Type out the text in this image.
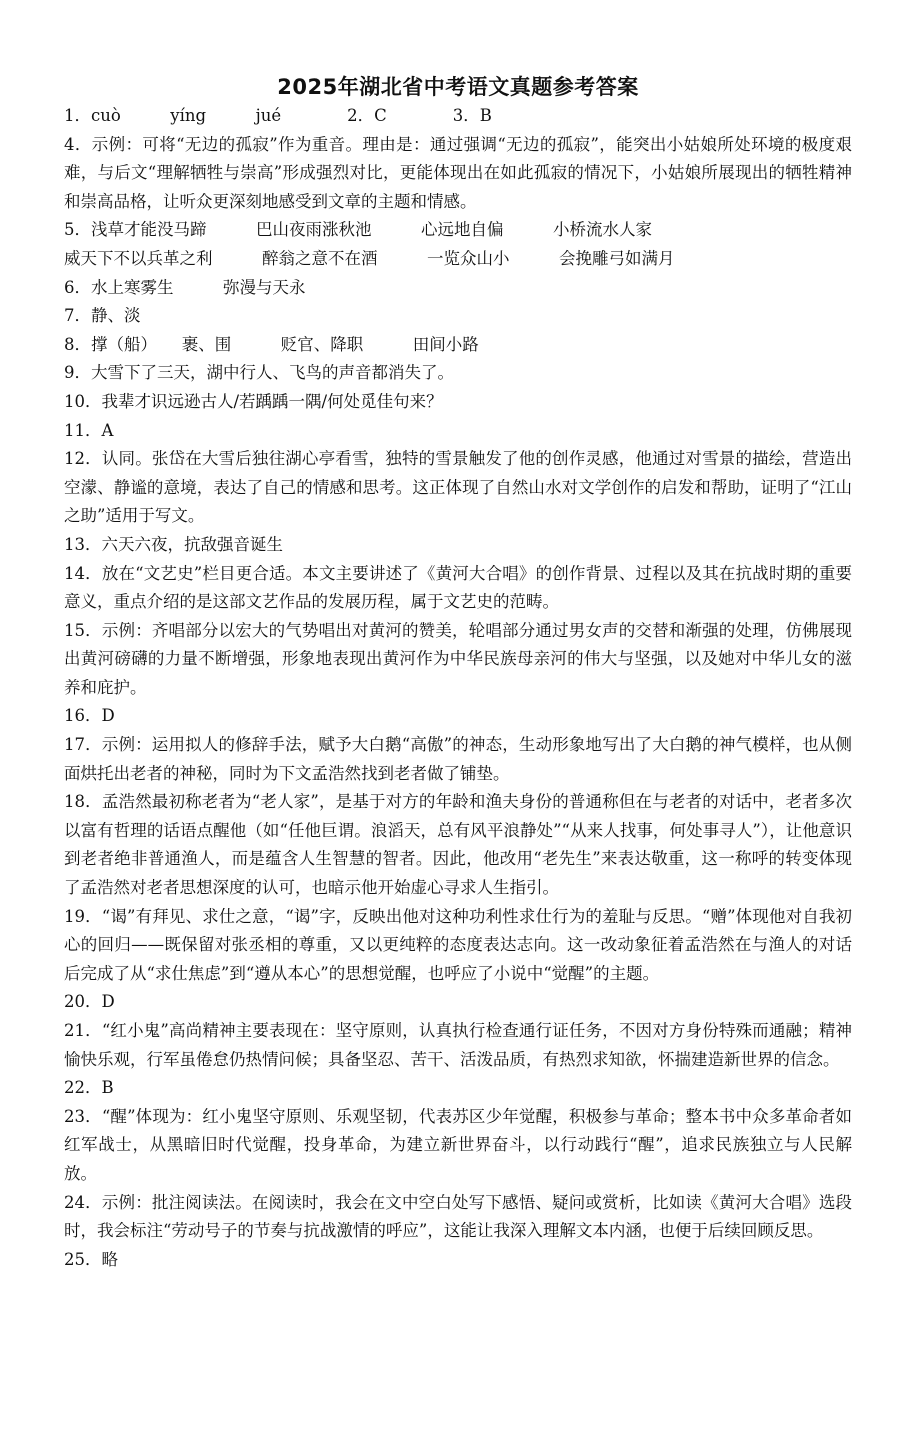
2025年湖北省中考语文真题参考答案
1．cuò　　　yíng　　　jué　　　　2．C　　　　3．B
4．示例：可将“无边的孤寂”作为重音。理由是：通过强调“无边的孤寂”，能突出小姑娘所处环境的极度艰难，与后文“理解牺牲与崇高”形成强烈对比，更能体现出在如此孤寂的情况下，小姑娘所展现出的牺牲精神和崇高品格，让听众更深刻地感受到文章的主题和情感。
5．浅草才能没马蹄　　　巴山夜雨涨秋池　　　心远地自偏　　　小桥流水人家
威天下不以兵革之利　　　醉翁之意不在酒　　　一览众山小　　　会挽雕弓如满月
6．水上寒雾生　　　弥漫与天永
7．静、淡
8．撑（船）　　裹、围　　　贬官、降职　　　田间小路
9．大雪下了三天，湖中行人、飞鸟的声音都消失了。
10．我辈才识远逊古人/若踽踽一隅/何处觅佳句来？
11．A
12．认同。张岱在大雪后独往湖心亭看雪，独特的雪景触发了他的创作灵感，他通过对雪景的描绘，营造出空濛、静谧的意境，表达了自己的情感和思考。这正体现了自然山水对文学创作的启发和帮助，证明了“江山之助”适用于写文。
13．六天六夜，抗敌强音诞生
14．放在“文艺史”栏目更合适。本文主要讲述了《黄河大合唱》的创作背景、过程以及其在抗战时期的重要意义，重点介绍的是这部文艺作品的发展历程，属于文艺史的范畴。
15．示例：齐唱部分以宏大的气势唱出对黄河的赞美，轮唱部分通过男女声的交替和渐强的处理，仿佛展现出黄河磅礴的力量不断增强，形象地表现出黄河作为中华民族母亲河的伟大与坚强，以及她对中华儿女的滋养和庇护。
16．D
17．示例：运用拟人的修辞手法，赋予大白鹅“高傲”的神态，生动形象地写出了大白鹅的神气模样，也从侧面烘托出老者的神秘，同时为下文孟浩然找到老者做了铺垫。
18．孟浩然最初称老者为“老人家”，是基于对方的年龄和渔夫身份的普通称但在与老者的对话中，老者多次以富有哲理的话语点醒他（如“任他巨谓。浪滔天，总有风平浪静处”“从来人找事，何处事寻人”），让他意识到老者绝非普通渔人，而是蕴含人生智慧的智者。因此，他改用“老先生”来表达敬重，这一称呼的转变体现了孟浩然对老者思想深度的认可，也暗示他开始虚心寻求人生指引。
19．“谒”有拜见、求仕之意，“谒”字，反映出他对这种功利性求仕行为的羞耻与反思。“赠”体现他对自我初心的回归——既保留对张丞相的尊重，又以更纯粹的态度表达志向。这一改动象征着孟浩然在与渔人的对话后完成了从“求仕焦虑”到“遵从本心”的思想觉醒，也呼应了小说中“觉醒”的主题。
20．D
21．“红小鬼”高尚精神主要表现在：坚守原则，认真执行检查通行证任务，不因对方身份特殊而通融；精神愉快乐观，行军虽倦怠仍热情问候；具备坚忍、苦干、活泼品质，有热烈求知欲，怀揣建造新世界的信念。
22．B
23．“醒”体现为：红小鬼坚守原则、乐观坚韧，代表苏区少年觉醒，积极参与革命；整本书中众多革命者如红军战士，从黑暗旧时代觉醒，投身革命，为建立新世界奋斗，以行动践行“醒”，追求民族独立与人民解放。
24．示例：批注阅读法。在阅读时，我会在文中空白处写下感悟、疑问或赏析，比如读《黄河大合唱》选段时，我会标注“劳动号子的节奏与抗战激情的呼应”，这能让我深入理解文本内涵，也便于后续回顾反思。
25．略
